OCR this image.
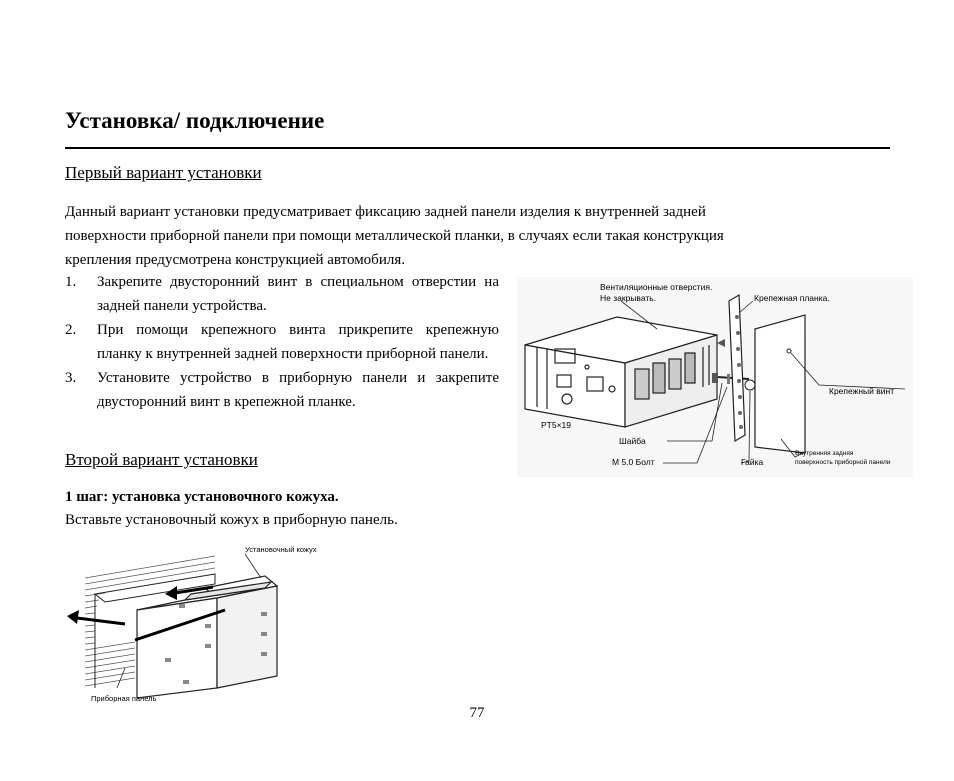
Установка/ подключение
Первый вариант установки
Данный вариант установки предусматривает фиксацию задней панели изделия к внутренней задней
поверхности приборной панели при помощи металлической планки, в случаях если такая конструкция
крепления предусмотрена конструкцией автомобиля.
1. Закрепите двусторонний винт в специальном отверстии на задней панели устройства.
2. При помощи крепежного винта прикрепите крепежную планку к внутренней задней поверхности приборной панели.
3. Установите устройство в приборную панели и закрепите двусторонний винт в крепежной планке.
Вентиляционные отверстия.
Не закрывать.	Крепежная планка.
Крепежный винт
PT5×19
Шайба
M 5.0 Болт	Гайка
Внутренняя задняя
поверхность приборной панели
Второй вариант установки
1 шаг: установка установочного кожуха.
Вставьте установочный кожух в приборную панель.
Установочный кожух
Приборная панель
77
